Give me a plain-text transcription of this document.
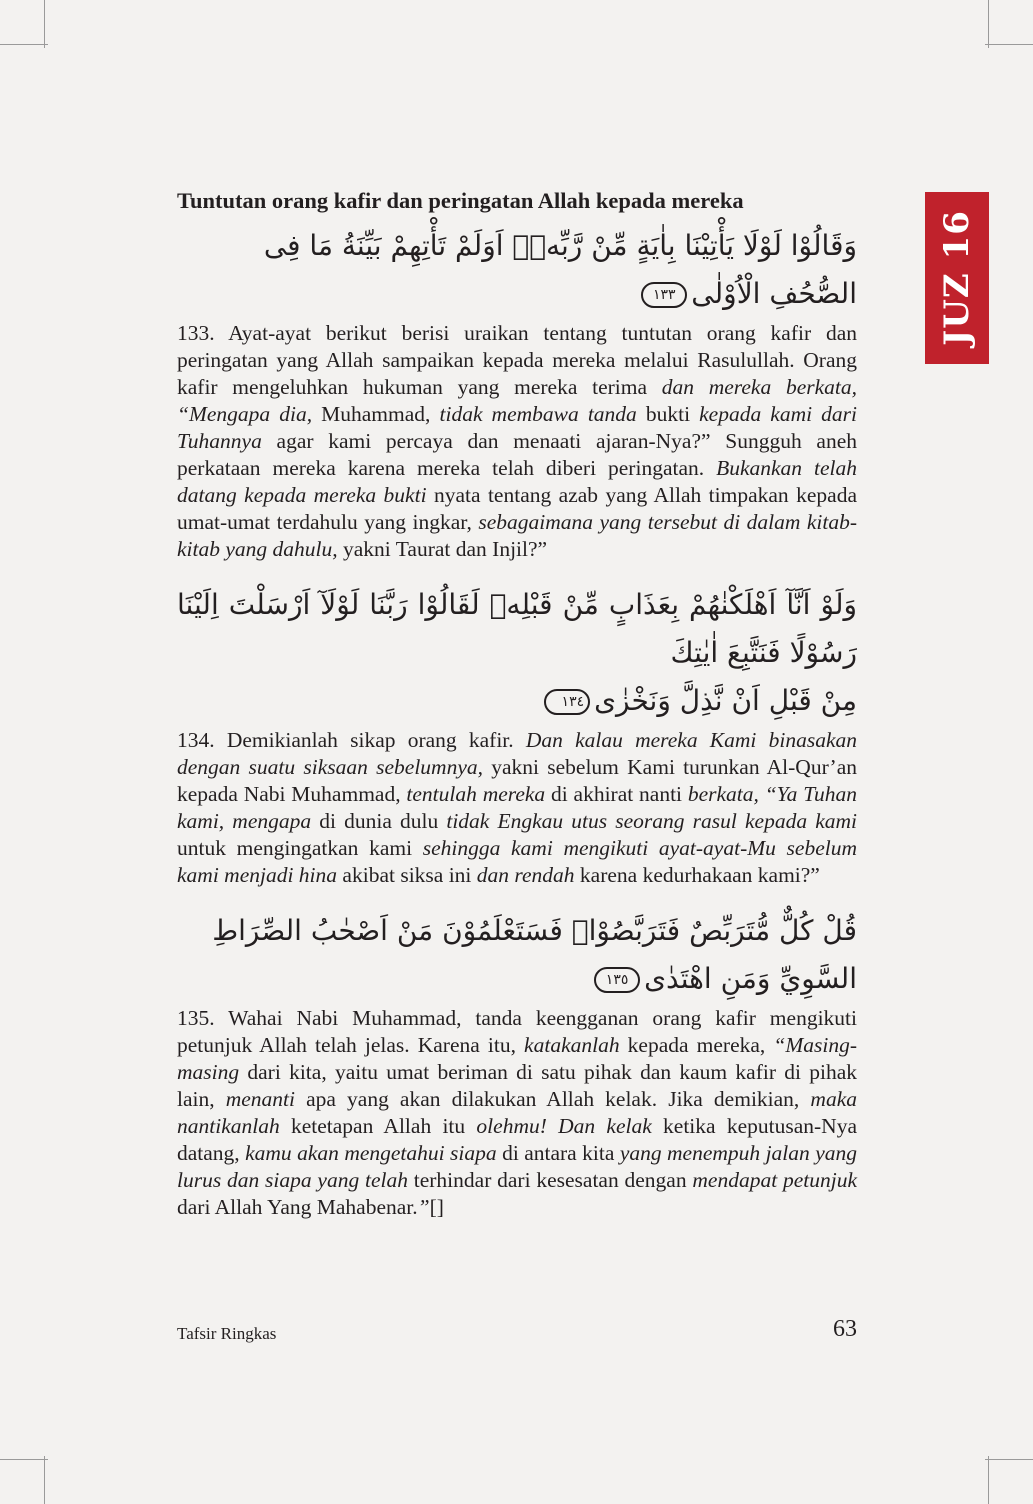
JUZ 16
Tuntutan orang kafir dan peringatan Allah kepada mereka
وَقَالُوْا لَوْلَا يَأْتِيْنَا بِاٰيَةٍ مِّنْ رَّبِّهٖۗ اَوَلَمْ تَأْتِهِمْ بَيِّنَةُ مَا فِى الصُّحُفِ الْاُوْلٰى١٣٣

133. Ayat-ayat berikut berisi uraikan tentang tuntutan orang kafir dan peringatan yang Allah sampaikan kepada mereka melalui Rasulullah. Orang kafir mengeluhkan hukuman yang mereka terima dan mereka berkata, “Mengapa dia, Muhammad, tidak membawa tanda bukti kepada kami dari Tuhannya agar kami percaya dan menaati ajaran-Nya?” Sungguh aneh perkataan mereka karena mereka telah diberi peringatan. Bukankan telah datang kepada mereka bukti nyata tentang azab yang Allah timpakan kepada umat-umat terdahulu yang ingkar, sebagaimana yang tersebut di dalam kitab-kitab yang dahulu, yakni Taurat dan Injil?”

وَلَوْ اَنَّآ اَهْلَكْنٰهُمْ بِعَذَابٍ مِّنْ قَبْلِهٖ لَقَالُوْا رَبَّنَا لَوْلَآ اَرْسَلْتَ اِلَيْنَا رَسُوْلًا فَنَتَّبِعَ اٰيٰتِكَ
مِنْ قَبْلِ اَنْ نَّذِلَّ وَنَخْزٰى١٣٤

134. Demikianlah sikap orang kafir. Dan kalau mereka Kami binasakan dengan suatu siksaan sebelumnya, yakni sebelum Kami turunkan Al-Qur’an kepada Nabi Muhammad, tentulah mereka di akhirat nanti berkata, “Ya Tuhan kami, mengapa di dunia dulu tidak Engkau utus seorang rasul kepada kami untuk mengingatkan kami sehingga kami mengikuti ayat-ayat-Mu sebelum kami menjadi hina akibat siksa ini dan rendah karena kedurhakaan kami?”

قُلْ كُلٌّ مُّتَرَبِّصٌ فَتَرَبَّصُوْاۚ فَسَتَعْلَمُوْنَ مَنْ اَصْحٰبُ الصِّرَاطِ السَّوِيِّ وَمَنِ اهْتَدٰى١٣٥

135. Wahai Nabi Muhammad, tanda keengganan orang kafir mengikuti petunjuk Allah telah jelas. Karena itu, katakanlah kepada mereka, “Masing-masing dari kita, yaitu umat beriman di satu pihak dan kaum kafir di pihak lain, menanti apa yang akan dilakukan Allah kelak. Jika demikian, maka nantikanlah ketetapan Allah itu olehmu! Dan kelak ketika keputusan-Nya datang, kamu akan mengetahui siapa di antara kita yang menempuh jalan yang lurus dan siapa yang telah terhindar dari kesesatan dengan mendapat petunjuk dari Allah Yang Mahabenar.”[]

Tafsir Ringkas	63
